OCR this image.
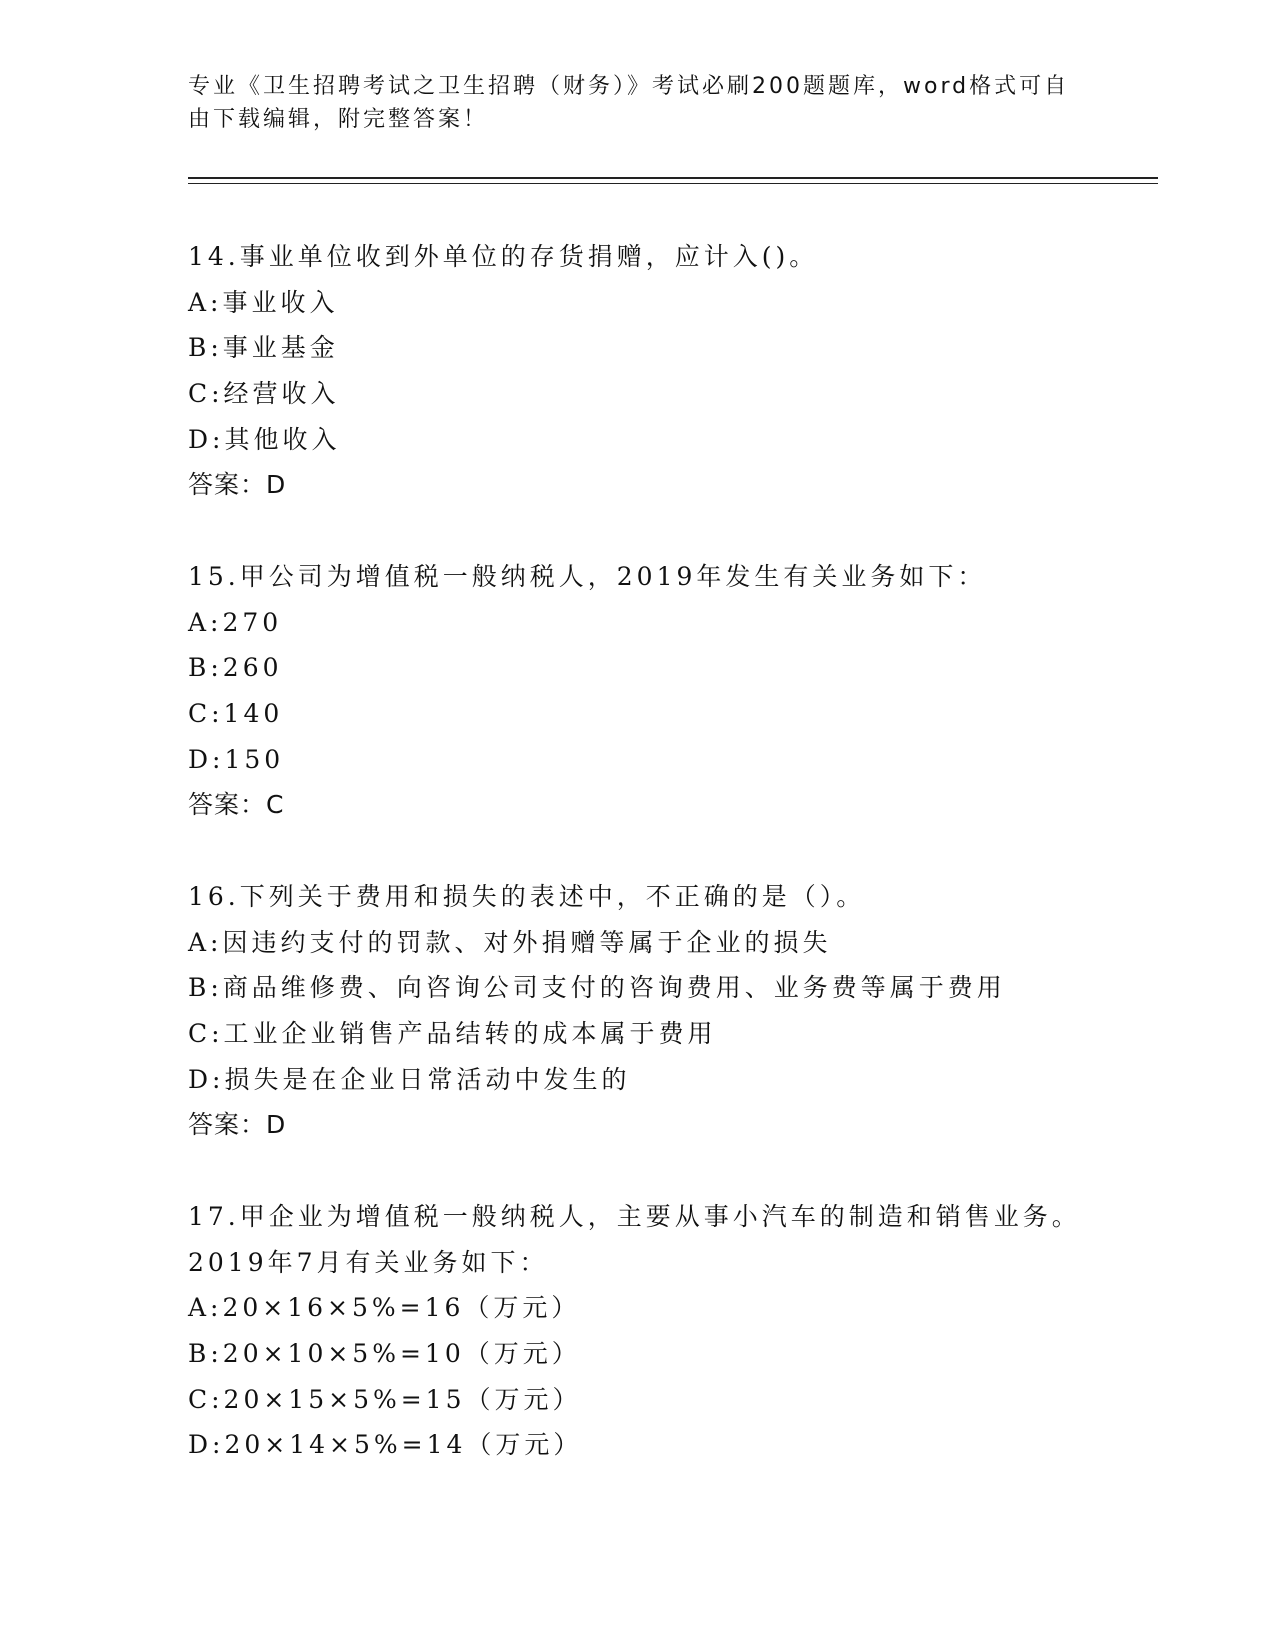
专业《卫生招聘考试之卫生招聘（财务）》考试必刷200题题库，word格式可自
由下载编辑，附完整答案！
14.事业单位收到外单位的存货捐赠，应计入()。
A:事业收入
B:事业基金
C:经营收入
D:其他收入
答案：D
15.甲公司为增值税一般纳税人，2019年发生有关业务如下：
A:270
B:260
C:140
D:150
答案：C
16.下列关于费用和损失的表述中，不正确的是（）。
A:因违约支付的罚款、对外捐赠等属于企业的损失
B:商品维修费、向咨询公司支付的咨询费用、业务费等属于费用
C:工业企业销售产品结转的成本属于费用
D:损失是在企业日常活动中发生的
答案：D
17.甲企业为增值税一般纳税人，主要从事小汽车的制造和销售业务。
2019年7月有关业务如下：
A:20×16×5%=16（万元）
B:20×10×5%=10（万元）
C:20×15×5%=15（万元）
D:20×14×5%=14（万元）
